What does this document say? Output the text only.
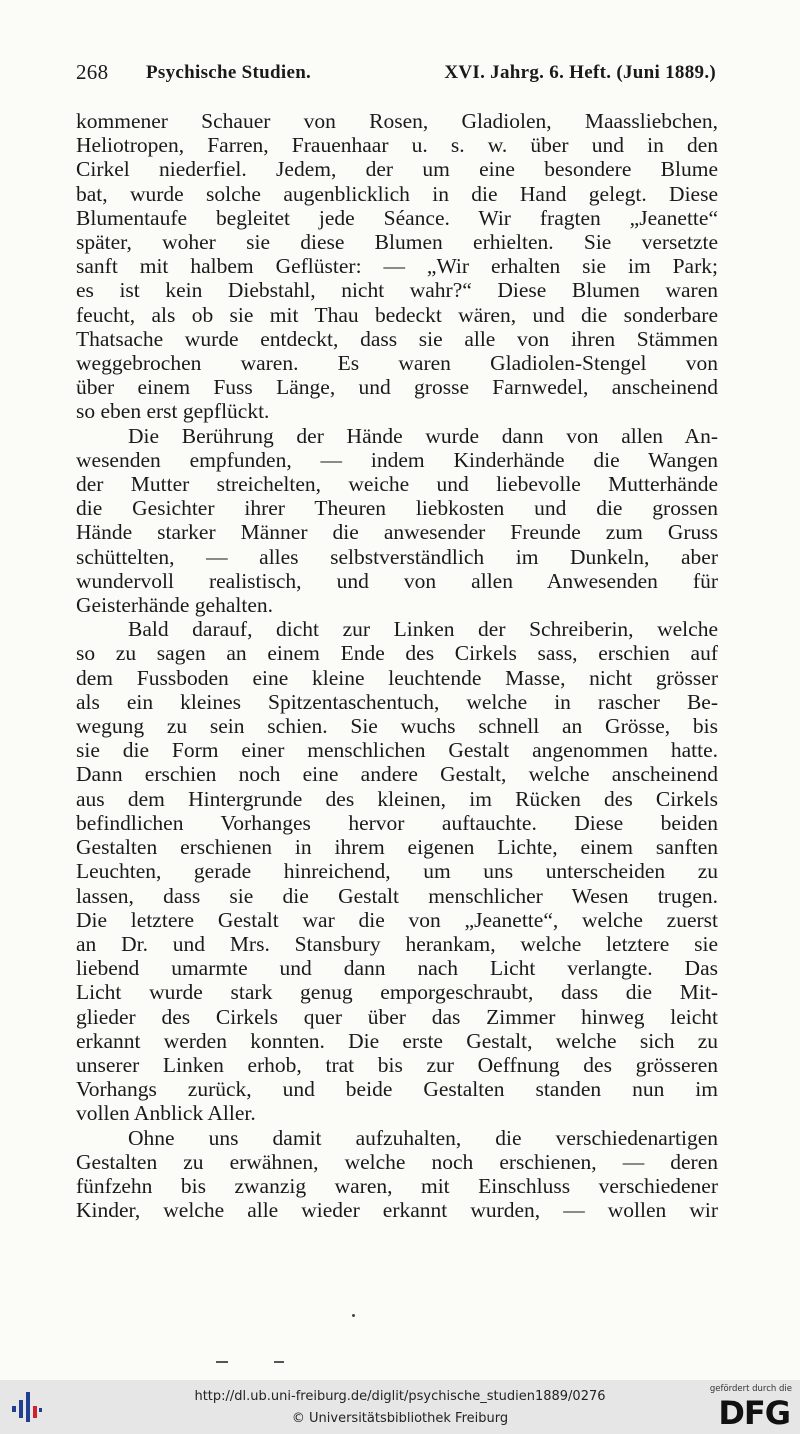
268 Psychische Studien.	XVI. Jahrg. 6. Heft. (Juni 1889.)
kommener Schauer von Rosen, Gladiolen, Maassliebchen,
Heliotropen, Farren, Frauenhaar u. s. w. über und in den
Cirkel niederfiel. Jedem, der um eine besondere Blume
bat, wurde solche augenblicklich in die Hand gelegt. Diese
Blumentaufe begleitet jede Séance. Wir fragten „Jeanette“
später, woher sie diese Blumen erhielten. Sie versetzte
sanft mit halbem Geflüster: — „Wir erhalten sie im Park;
es ist kein Diebstahl, nicht wahr?“ Diese Blumen waren
feucht, als ob sie mit Thau bedeckt wären, und die sonderbare
Thatsache wurde entdeckt, dass sie alle von ihren Stämmen
weggebrochen waren. Es waren Gladiolen-Stengel von
über einem Fuss Länge, und grosse Farnwedel, anscheinend
so eben erst gepflückt.
Die Berührung der Hände wurde dann von allen An-
wesenden empfunden, — indem Kinderhände die Wangen
der Mutter streichelten, weiche und liebevolle Mutterhände
die Gesichter ihrer Theuren liebkosten und die grossen
Hände starker Männer die anwesender Freunde zum Gruss
schüttelten, — alles selbstverständlich im Dunkeln, aber
wundervoll realistisch, und von allen Anwesenden für
Geisterhände gehalten.
Bald darauf, dicht zur Linken der Schreiberin, welche
so zu sagen an einem Ende des Cirkels sass, erschien auf
dem Fussboden eine kleine leuchtende Masse, nicht grösser
als ein kleines Spitzentaschentuch, welche in rascher Be-
wegung zu sein schien. Sie wuchs schnell an Grösse, bis
sie die Form einer menschlichen Gestalt angenommen hatte.
Dann erschien noch eine andere Gestalt, welche anscheinend
aus dem Hintergrunde des kleinen, im Rücken des Cirkels
befindlichen Vorhanges hervor auftauchte. Diese beiden
Gestalten erschienen in ihrem eigenen Lichte, einem sanften
Leuchten, gerade hinreichend, um uns unterscheiden zu
lassen, dass sie die Gestalt menschlicher Wesen trugen.
Die letztere Gestalt war die von „Jeanette“, welche zuerst
an Dr. und Mrs. Stansbury herankam, welche letztere sie
liebend umarmte und dann nach Licht verlangte. Das
Licht wurde stark genug emporgeschraubt, dass die Mit-
glieder des Cirkels quer über das Zimmer hinweg leicht
erkannt werden konnten. Die erste Gestalt, welche sich zu
unserer Linken erhob, trat bis zur Oeffnung des grösseren
Vorhangs zurück, und beide Gestalten standen nun im
vollen Anblick Aller.
Ohne uns damit aufzuhalten, die verschiedenartigen
Gestalten zu erwähnen, welche noch erschienen, — deren
fünfzehn bis zwanzig waren, mit Einschluss verschiedener
Kinder, welche alle wieder erkannt wurden, — wollen wir
http://dl.ub.uni-freiburg.de/diglit/psychische_studien1889/0276
© Universitätsbibliothek Freiburg
gefördert durch die
DFG
